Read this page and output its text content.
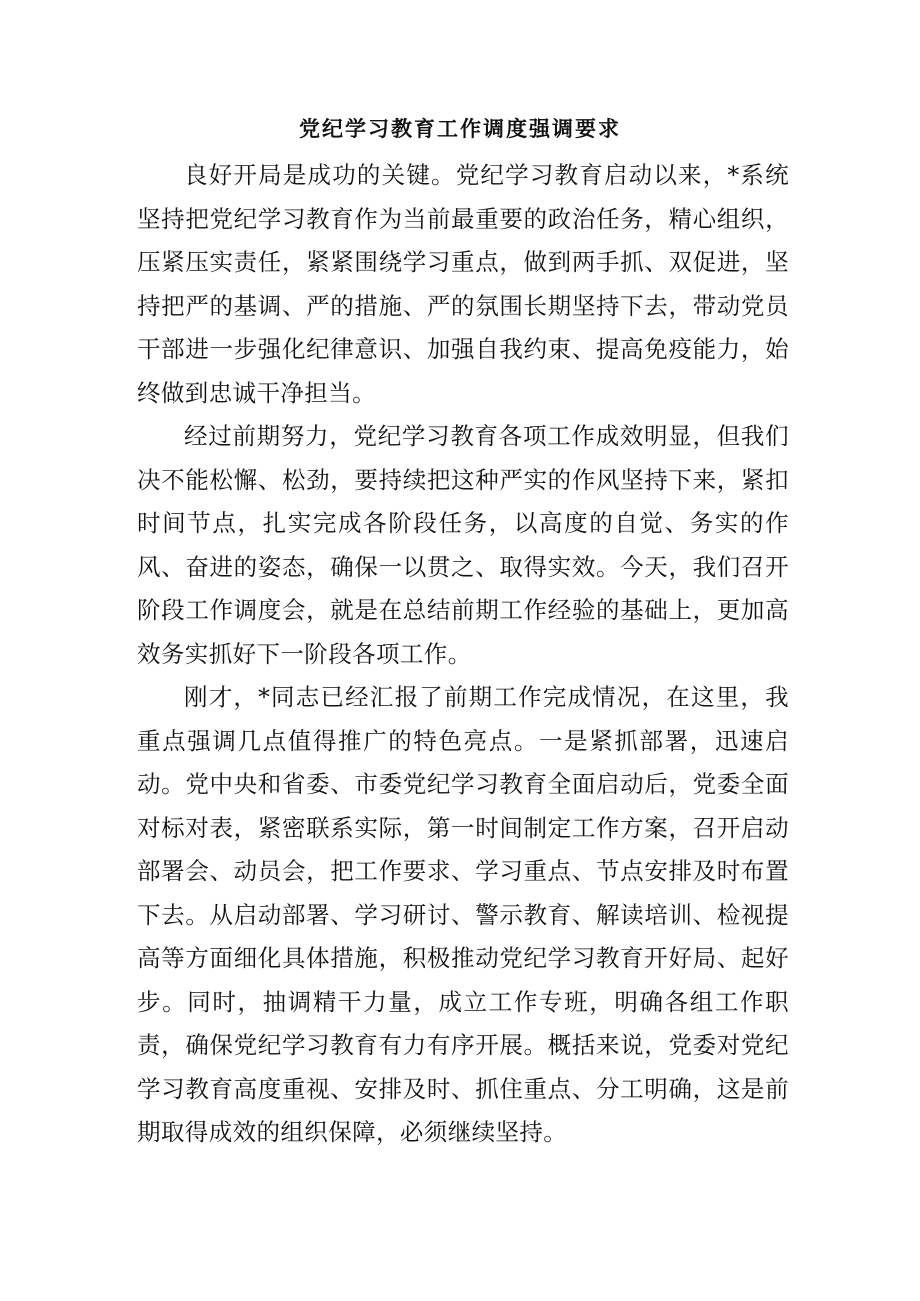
党纪学习教育工作调度强调要求

良好开局是成功的关键。党纪学习教育启动以来，*系统坚持把党纪学习教育作为当前最重要的政治任务，精心组织，压紧压实责任，紧紧围绕学习重点，做到两手抓、双促进，坚持把严的基调、严的措施、严的氛围长期坚持下去，带动党员干部进一步强化纪律意识、加强自我约束、提高免疫能力，始终做到忠诚干净担当。

经过前期努力，党纪学习教育各项工作成效明显，但我们决不能松懈、松劲，要持续把这种严实的作风坚持下来，紧扣时间节点，扎实完成各阶段任务，以高度的自觉、务实的作风、奋进的姿态，确保一以贯之、取得实效。今天，我们召开阶段工作调度会，就是在总结前期工作经验的基础上，更加高效务实抓好下一阶段各项工作。

刚才，*同志已经汇报了前期工作完成情况，在这里，我重点强调几点值得推广的特色亮点。一是紧抓部署，迅速启动。党中央和省委、市委党纪学习教育全面启动后，党委全面对标对表，紧密联系实际，第一时间制定工作方案，召开启动部署会、动员会，把工作要求、学习重点、节点安排及时布置下去。从启动部署、学习研讨、警示教育、解读培训、检视提高等方面细化具体措施，积极推动党纪学习教育开好局、起好步。同时，抽调精干力量，成立工作专班，明确各组工作职责，确保党纪学习教育有力有序开展。概括来说，党委对党纪学习教育高度重视、安排及时、抓住重点、分工明确，这是前期取得成效的组织保障，必须继续坚持。
